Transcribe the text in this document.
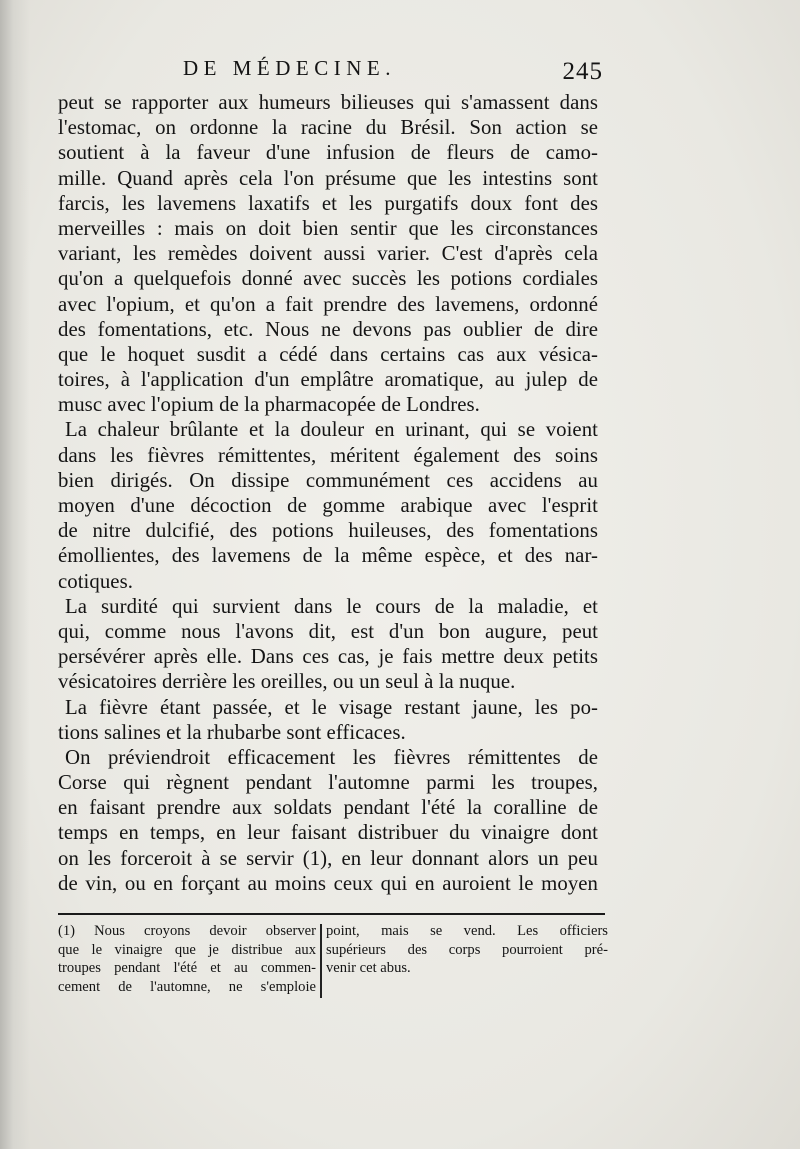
DE MÉDECINE.	245
peut se rapporter aux humeurs bilieuses qui s'amassent dans
l'estomac, on ordonne la racine du Brésil. Son action se
soutient à la faveur d'une infusion de fleurs de camo-
mille. Quand après cela l'on présume que les intestins sont
farcis, les lavemens laxatifs et les purgatifs doux font des
merveilles : mais on doit bien sentir que les circonstances
variant, les remèdes doivent aussi varier. C'est d'après cela
qu'on a quelquefois donné avec succès les potions cordiales
avec l'opium, et qu'on a fait prendre des lavemens, ordonné
des fomentations, etc. Nous ne devons pas oublier de dire
que le hoquet susdit a cédé dans certains cas aux vésica-
toires, à l'application d'un emplâtre aromatique, au julep de
musc avec l'opium de la pharmacopée de Londres.
La chaleur brûlante et la douleur en urinant, qui se voient
dans les fièvres rémittentes, méritent également des soins
bien dirigés. On dissipe communément ces accidens au
moyen d'une décoction de gomme arabique avec l'esprit
de nitre dulcifié, des potions huileuses, des fomentations
émollientes, des lavemens de la même espèce, et des nar-
cotiques.
La surdité qui survient dans le cours de la maladie, et
qui, comme nous l'avons dit, est d'un bon augure, peut
persévérer après elle. Dans ces cas, je fais mettre deux petits
vésicatoires derrière les oreilles, ou un seul à la nuque.
La fièvre étant passée, et le visage restant jaune, les po-
tions salines et la rhubarbe sont efficaces.
On préviendroit efficacement les fièvres rémittentes de
Corse qui règnent pendant l'automne parmi les troupes,
en faisant prendre aux soldats pendant l'été la coralline de
temps en temps, en leur faisant distribuer du vinaigre dont
on les forceroit à se servir (1), en leur donnant alors un peu
de vin, ou en forçant au moins ceux qui en auroient le moyen
(1) Nous croyons devoir observer
que le vinaigre que je distribue aux
troupes pendant l'été et au commen-
cement de l'automne, ne s'emploie
point, mais se vend. Les officiers
supérieurs des corps pourroient pré-
venir cet abus.
